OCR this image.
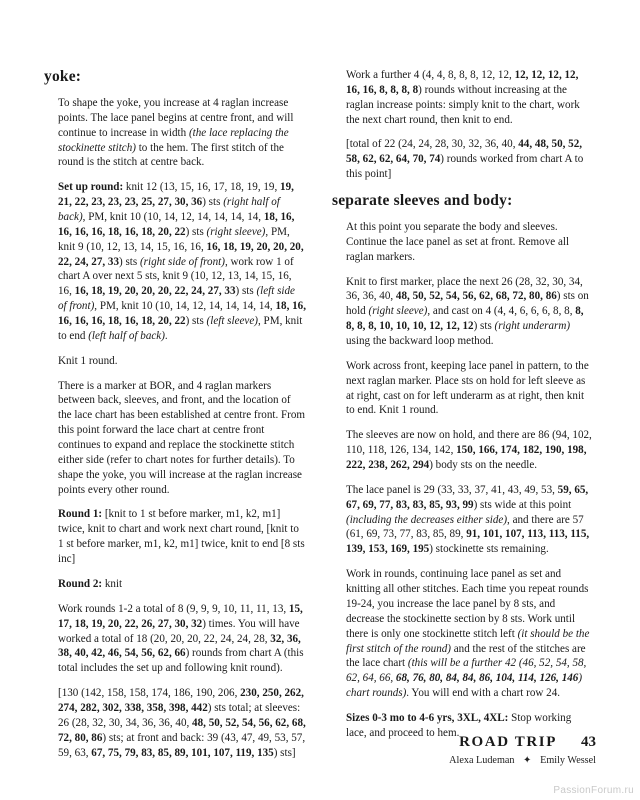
yoke:

To shape the yoke, you increase at 4 raglan increase points. The lace panel begins at centre front, and will continue to increase in width (the lace replacing the stockinette stitch) to the hem. The first stitch of the round is the stitch at centre back.

Set up round: knit 12 (13, 15, 16, 17, 18, 19, 19, 19, 21, 22, 23, 23, 23, 25, 27, 30, 36) sts (right half of back), PM, knit 10 (10, 14, 12, 14, 14, 14, 14, 18, 16, 16, 16, 16, 18, 16, 18, 20, 22) sts (right sleeve), PM, knit 9 (10, 12, 13, 14, 15, 16, 16, 16, 18, 19, 20, 20, 20, 22, 24, 27, 33) sts (right side of front), work row 1 of chart A over next 5 sts, knit 9 (10, 12, 13, 14, 15, 16, 16, 16, 18, 19, 20, 20, 20, 22, 24, 27, 33) sts (left side of front), PM, knit 10 (10, 14, 12, 14, 14, 14, 14, 18, 16, 16, 16, 16, 18, 16, 18, 20, 22) sts (left sleeve), PM, knit to end (left half of back).

Knit 1 round.

There is a marker at BOR, and 4 raglan markers between back, sleeves, and front, and the location of the lace chart has been established at centre front. From this point forward the lace chart at centre front continues to expand and replace the stockinette stitch either side (refer to chart notes for further details). To shape the yoke, you will increase at the raglan increase points every other round.

Round 1: [knit to 1 st before marker, m1, k2, m1] twice, knit to chart and work next chart round, [knit to 1 st before marker, m1, k2, m1] twice, knit to end [8 sts inc]

Round 2: knit

Work rounds 1-2 a total of 8 (9, 9, 9, 10, 11, 11, 13, 15, 17, 18, 19, 20, 22, 26, 27, 30, 32) times. You will have worked a total of 18 (20, 20, 20, 22, 24, 24, 28, 32, 36, 38, 40, 42, 46, 54, 56, 62, 66) rounds from chart A (this total includes the set up and following knit round).

[130 (142, 158, 158, 174, 186, 190, 206, 230, 250, 262, 274, 282, 302, 338, 358, 398, 442) sts total; at sleeves: 26 (28, 32, 30, 34, 36, 36, 40, 48, 50, 52, 54, 56, 62, 68, 72, 80, 86) sts; at front and back: 39 (43, 47, 49, 53, 57, 59, 63, 67, 75, 79, 83, 85, 89, 101, 107, 119, 135) sts]

Work a further 4 (4, 4, 8, 8, 8, 12, 12, 12, 12, 12, 12, 16, 16, 8, 8, 8, 8) rounds without increasing at the raglan increase points: simply knit to the chart, work the next chart round, then knit to end.

[total of 22 (24, 24, 28, 30, 32, 36, 40, 44, 48, 50, 52, 58, 62, 62, 64, 70, 74) rounds worked from chart A to this point]

separate sleeves and body:

At this point you separate the body and sleeves. Continue the lace panel as set at front. Remove all raglan markers.

Knit to first marker, place the next 26 (28, 32, 30, 34, 36, 36, 40, 48, 50, 52, 54, 56, 62, 68, 72, 80, 86) sts on hold (right sleeve), and cast on 4 (4, 4, 6, 6, 6, 8, 8, 8, 8, 8, 8, 10, 10, 10, 12, 12, 12) sts (right underarm) using the backward loop method.

Work across front, keeping lace panel in pattern, to the next raglan marker. Place sts on hold for left sleeve as at right, cast on for left underarm as at right, then knit to end. Knit 1 round.

The sleeves are now on hold, and there are 86 (94, 102, 110, 118, 126, 134, 142, 150, 166, 174, 182, 190, 198, 222, 238, 262, 294) body sts on the needle.

The lace panel is 29 (33, 33, 37, 41, 43, 49, 53, 59, 65, 67, 69, 77, 83, 83, 85, 93, 99) sts wide at this point (including the decreases either side), and there are 57 (61, 69, 73, 77, 83, 85, 89, 91, 101, 107, 113, 113, 115, 139, 153, 169, 195) stockinette sts remaining.

Work in rounds, continuing lace panel as set and knitting all other stitches. Each time you repeat rounds 19-24, you increase the lace panel by 8 sts, and decrease the stockinette section by 8 sts. Work until there is only one stockinette stitch left (it should be the first stitch of the round) and the rest of the stitches are the lace chart (this will be a further 42 (46, 52, 54, 58, 62, 64, 66, 68, 76, 80, 84, 84, 86, 104, 114, 126, 146) chart rounds). You will end with a chart row 24.

Sizes 0-3 mo to 4-6 yrs, 3XL, 4XL: Stop working lace, and proceed to hem.

ROAD TRIP 43
Alexa Ludeman ✦ Emily Wessel
PassionForum.ru
